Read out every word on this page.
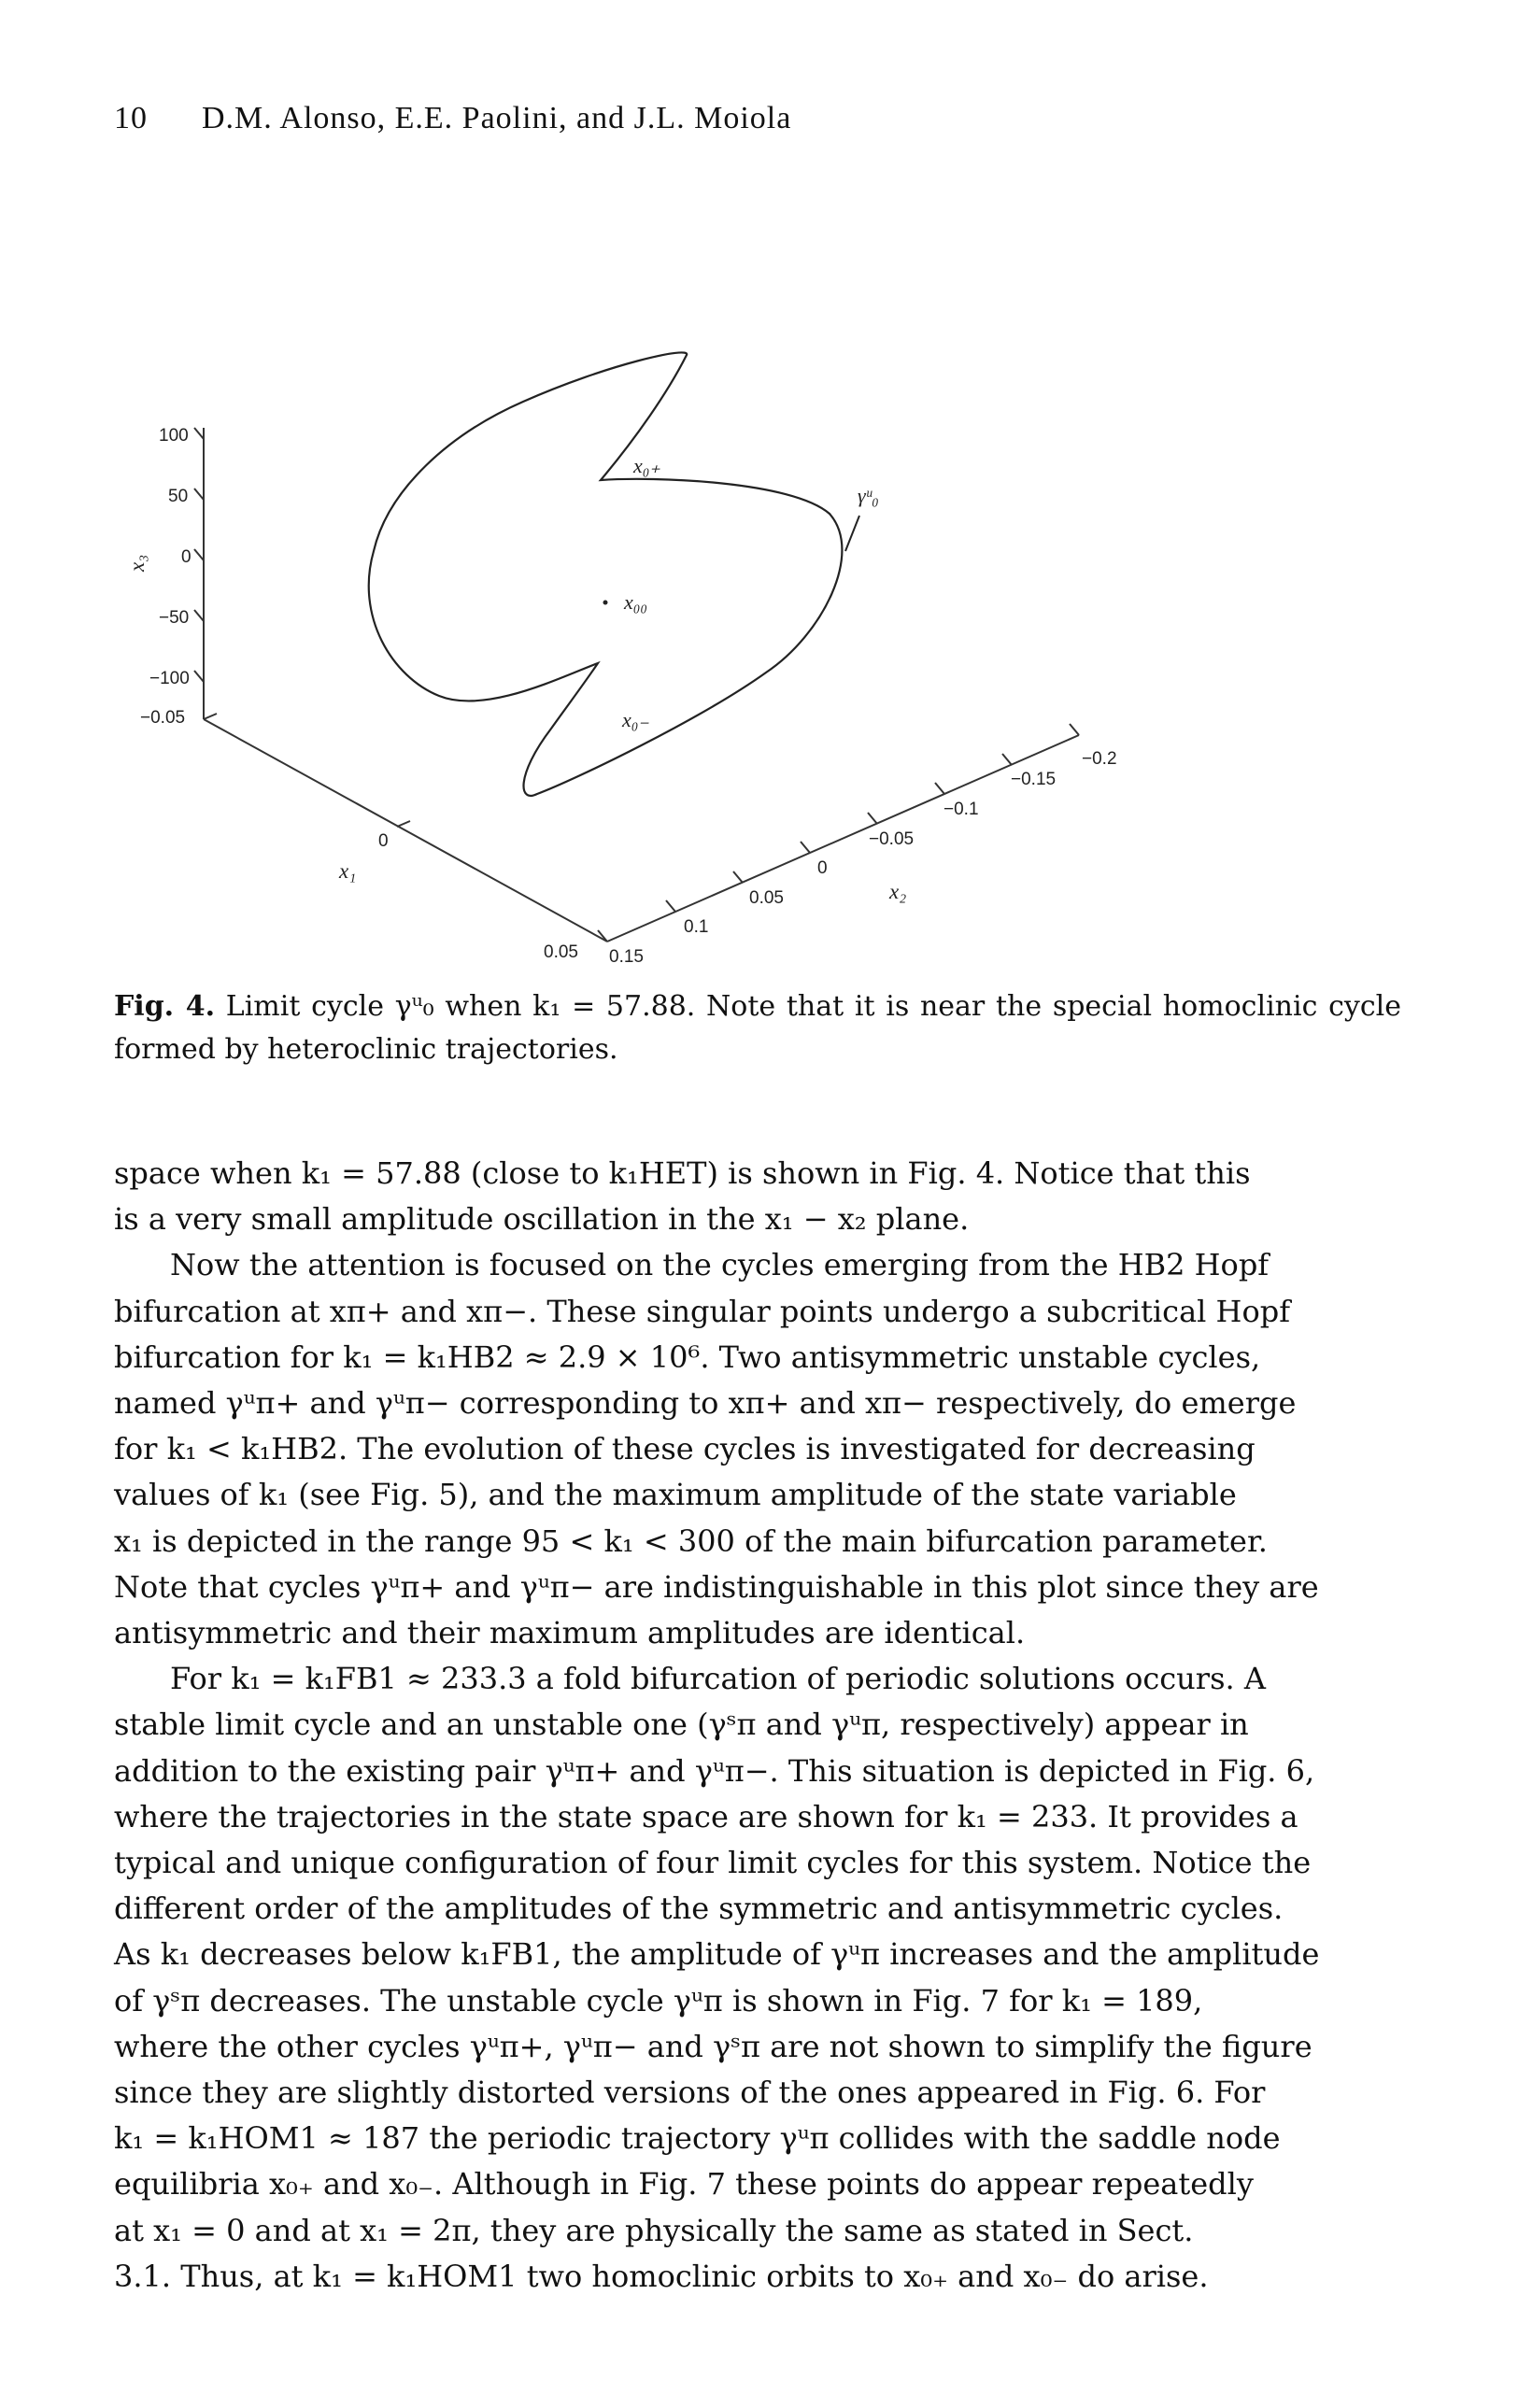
10 D.M. Alonso, E.E. Paolini, and J.L. Moiola
100
50
0
−50
−100
−0.05
x₃
0
0.05
x₁
0.15
0.1
0.05
0
−0.05
−0.1
−0.15
−0.2
x₂
x₀₊
x₀₀
x₀₋
γᵘ₀
Fig. 4. Limit cycle γᵘ₀ when k₁ = 57.88. Note that it is near the special homoclinic cycle formed by heteroclinic trajectories.

space when k₁ = 57.88 (close to k₁HET) is shown in Fig. 4. Notice that this
is a very small amplitude oscillation in the x₁ − x₂ plane.

Now the attention is focused on the cycles emerging from the HB2 Hopf
bifurcation at xπ+ and xπ−. These singular points undergo a subcritical Hopf
bifurcation for k₁ = k₁HB2 ≈ 2.9 × 10⁶. Two antisymmetric unstable cycles,
named γᵘπ+ and γᵘπ− corresponding to xπ+ and xπ− respectively, do emerge
for k₁ < k₁HB2. The evolution of these cycles is investigated for decreasing
values of k₁ (see Fig. 5), and the maximum amplitude of the state variable
x₁ is depicted in the range 95 < k₁ < 300 of the main bifurcation parameter.
Note that cycles γᵘπ+ and γᵘπ− are indistinguishable in this plot since they are
antisymmetric and their maximum amplitudes are identical.

For k₁ = k₁FB1 ≈ 233.3 a fold bifurcation of periodic solutions occurs. A
stable limit cycle and an unstable one (γˢπ and γᵘπ, respectively) appear in
addition to the existing pair γᵘπ+ and γᵘπ−. This situation is depicted in Fig. 6,
where the trajectories in the state space are shown for k₁ = 233. It provides a
typical and unique configuration of four limit cycles for this system. Notice the
different order of the amplitudes of the symmetric and antisymmetric cycles.
As k₁ decreases below k₁FB1, the amplitude of γᵘπ increases and the amplitude
of γˢπ decreases. The unstable cycle γᵘπ is shown in Fig. 7 for k₁ = 189,
where the other cycles γᵘπ+, γᵘπ− and γˢπ are not shown to simplify the figure
since they are slightly distorted versions of the ones appeared in Fig. 6. For
k₁ = k₁HOM1 ≈ 187 the periodic trajectory γᵘπ collides with the saddle node
equilibria x₀₊ and x₀₋. Although in Fig. 7 these points do appear repeatedly
at x₁ = 0 and at x₁ = 2π, they are physically the same as stated in Sect.
3.1. Thus, at k₁ = k₁HOM1 two homoclinic orbits to x₀₊ and x₀₋ do arise.
